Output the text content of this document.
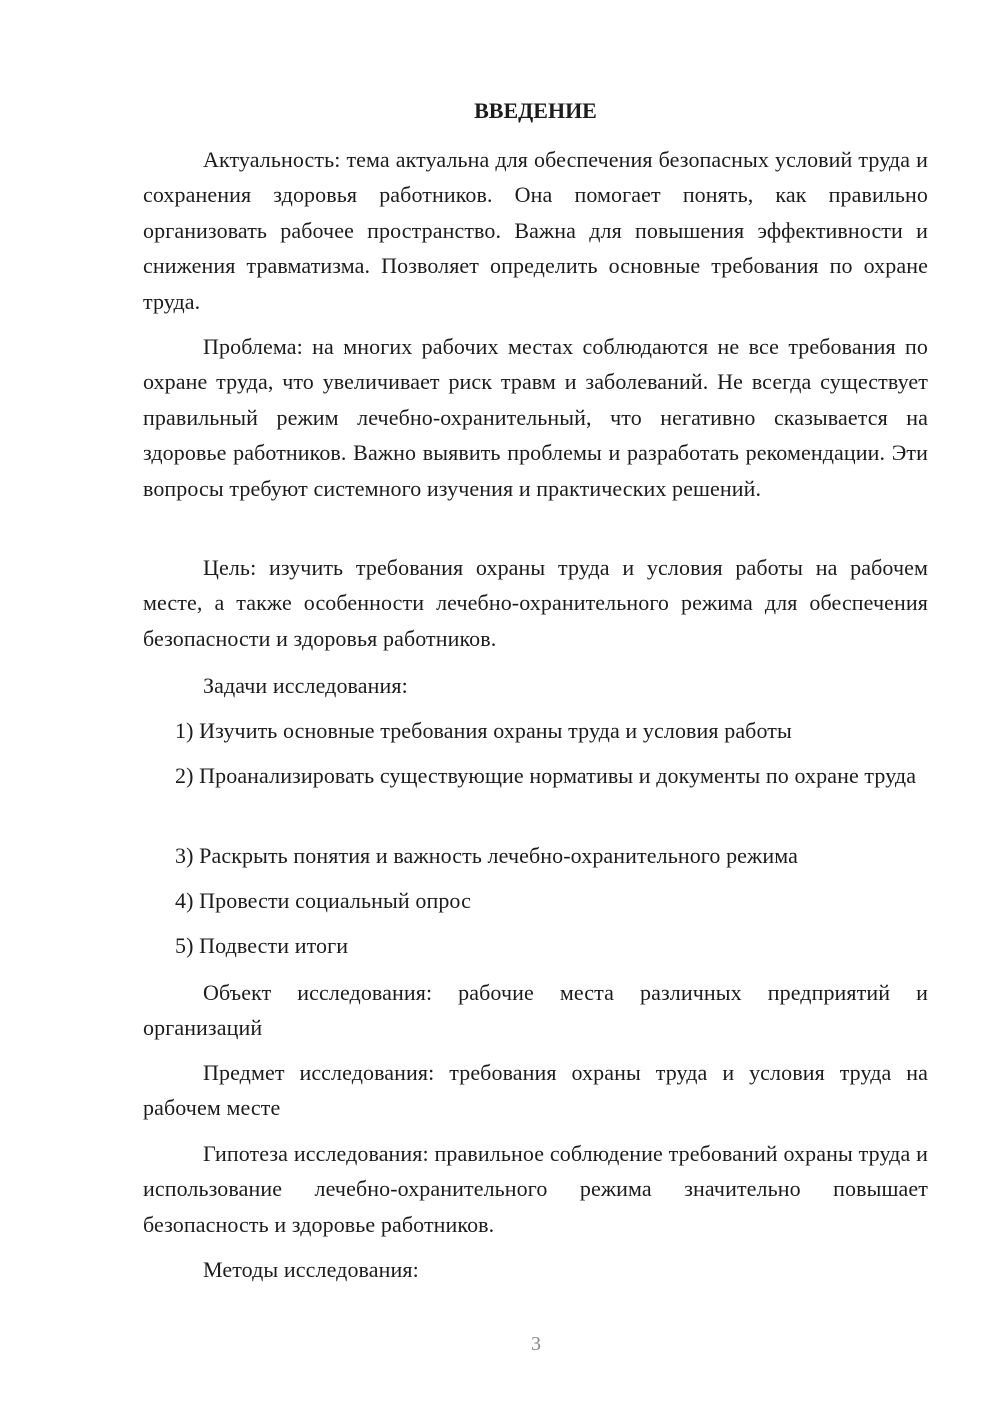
ВВЕДЕНИЕ

Актуальность: тема актуальна для обеспечения безопасных условий труда и сохранения здоровья работников. Она помогает понять, как правильно организовать рабочее пространство. Важна для повышения эффективности и снижения травматизма. Позволяет определить основные требования по охране труда.

Проблема: на многих рабочих местах соблюдаются не все требования по охране труда, что увеличивает риск травм и заболеваний. Не всегда существует правильный режим лечебно-охранительный, что негативно сказывается на здоровье работников. Важно выявить проблемы и разработать рекомендации. Эти вопросы требуют системного изучения и практических решений.

Цель: изучить требования охраны труда и условия работы на рабочем месте, а также особенности лечебно-охранительного режима для обеспечения безопасности и здоровья работников.

Задачи исследования:

1) Изучить основные требования охраны труда и условия работы

2) Проанализировать существующие нормативы и документы по охране труда

3) Раскрыть понятия и важность лечебно-охранительного режима

4) Провести социальный опрос

5) Подвести итоги

Объект исследования: рабочие места различных предприятий и организаций

Предмет исследования: требования охраны труда и условия труда на рабочем месте

Гипотеза исследования: правильное соблюдение требований охраны труда и использование лечебно-охранительного режима значительно повышает безопасность и здоровье работников.

Методы исследования:

3
